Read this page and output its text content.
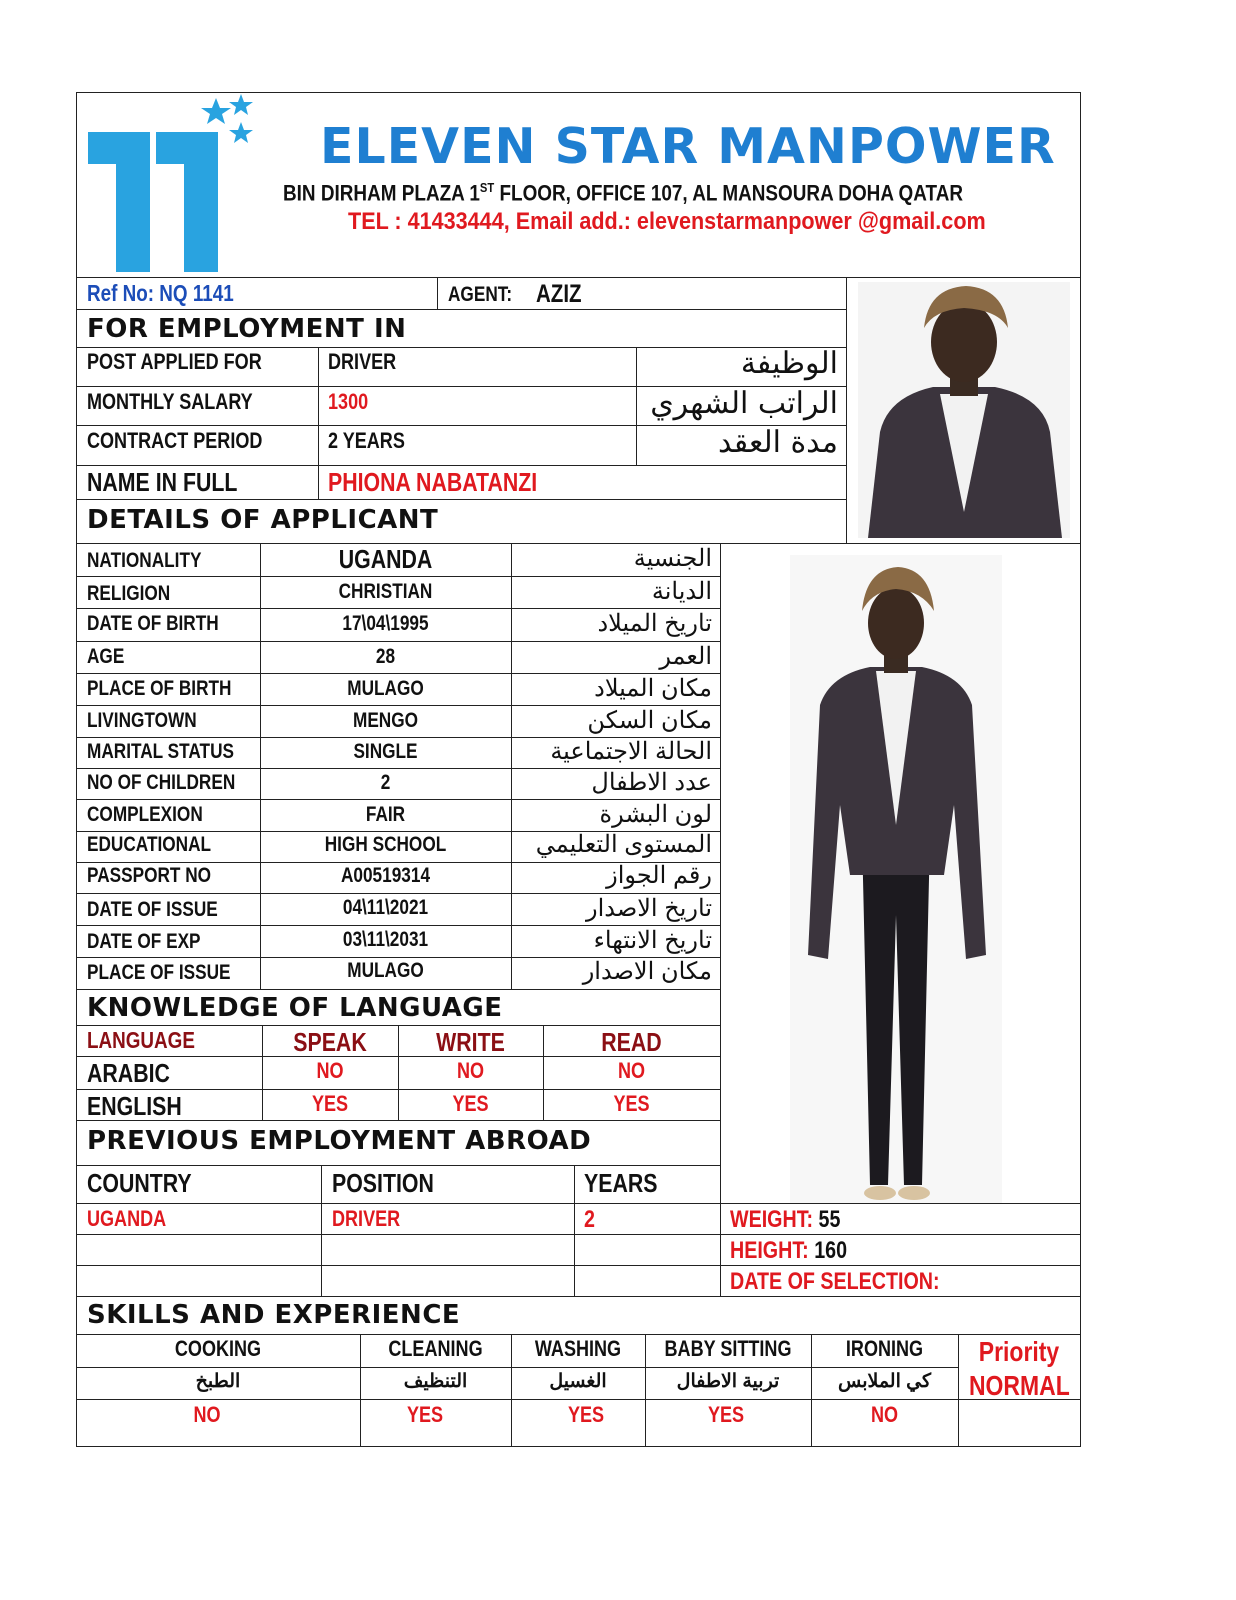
ELEVEN STAR MANPOWER
BIN DIRHAM PLAZA 1ST FLOOR, OFFICE 107, AL MANSOURA DOHA QATAR
TEL : 41433444, Email add.: elevenstarmanpower @gmail.com
Ref No: NQ 1141	AGENT: AZIZ
FOR EMPLOYMENT IN
POST APPLIED FOR	DRIVER	الوظيفة
MONTHLY SALARY	1300	الراتب الشهري
CONTRACT PERIOD	2 YEARS	مدة العقد
NAME IN FULL	PHIONA NABATANZI
DETAILS OF APPLICANT
NATIONALITY	UGANDA	الجنسية
RELIGION	CHRISTIAN	الديانة
DATE OF BIRTH	17\04\1995	تاريخ الميلاد
AGE	28	العمر
PLACE OF BIRTH	MULAGO	مكان الميلاد
LIVINGTOWN	MENGO	مكان السكن
MARITAL STATUS	SINGLE	الحالة الاجتماعية
NO OF CHILDREN	2	عدد الاطفال
COMPLEXION	FAIR	لون البشرة
EDUCATIONAL	HIGH SCHOOL	المستوى التعليمي
PASSPORT NO	A00519314	رقم الجواز
DATE OF ISSUE	04\11\2021	تاريخ الاصدار
DATE OF EXP	03\11\2031	تاريخ الانتهاء
PLACE OF ISSUE	MULAGO	مكان الاصدار
KNOWLEDGE OF LANGUAGE
LANGUAGE	SPEAK	WRITE	READ
ARABIC	NO	NO	NO
ENGLISH	YES	YES	YES
PREVIOUS EMPLOYMENT ABROAD
COUNTRY	POSITION	YEARS
UGANDA	DRIVER	2	WEIGHT: 55
HEIGHT: 160
DATE OF SELECTION:
SKILLS AND EXPERIENCE
COOKING	CLEANING	WASHING	BABY SITTING	IRONING	Priority
الطبخ	التنظيف	الغسيل	تربية الاطفال	كي الملابس	NORMAL
NO	YES	YES	YES	NO
